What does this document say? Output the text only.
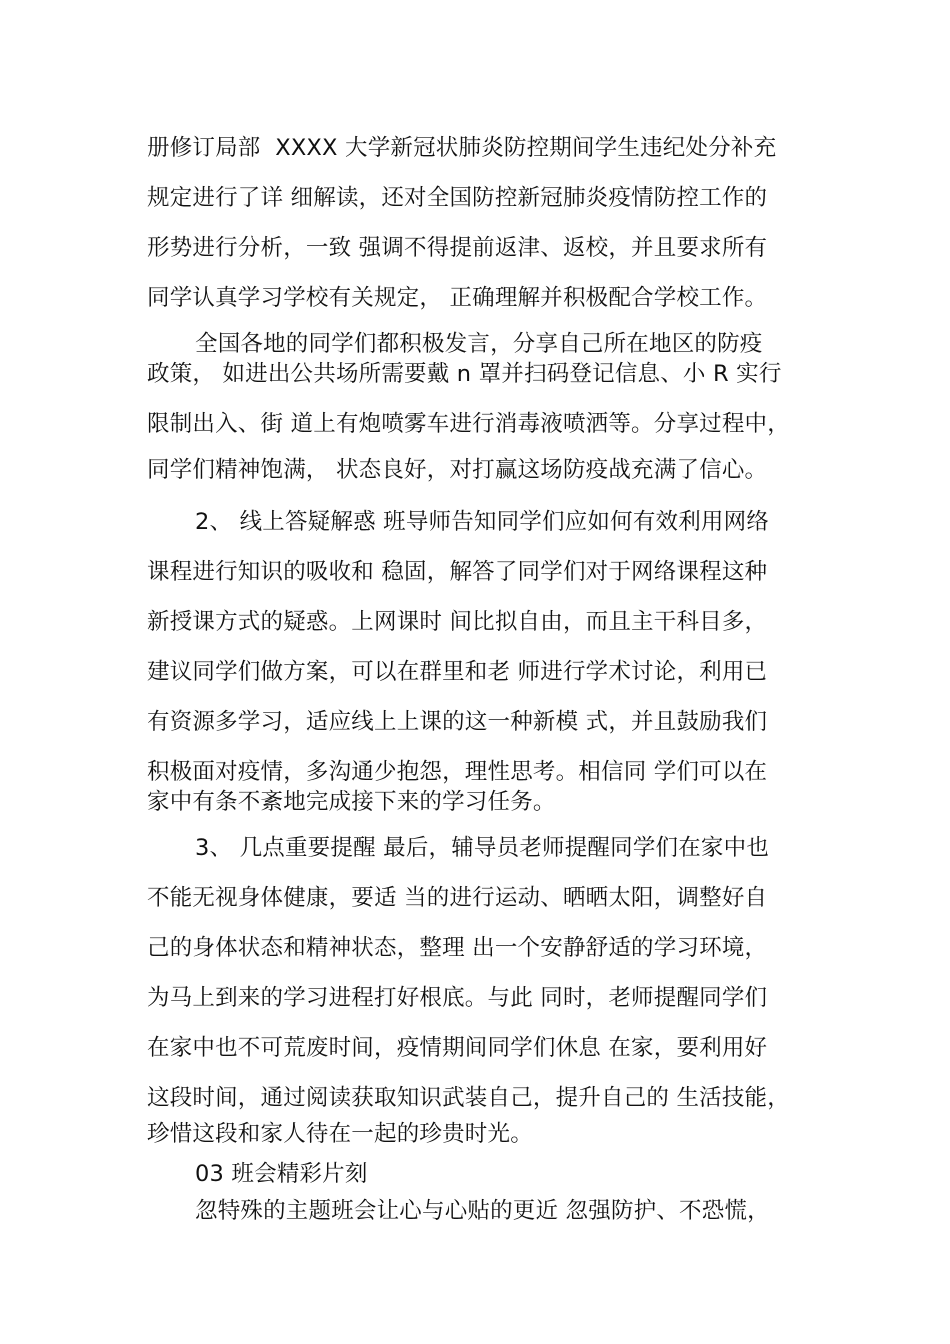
册修订局部  XXXX 大学新冠状肺炎防控期间学生违纪处分补充
规定进行了详 细解读，还对全国防控新冠肺炎疫情防控工作的
形势进行分析，一致 强调不得提前返津、返校，并且要求所有
同学认真学习学校有关规定， 正确理解并积极配合学校工作。
全国各地的同学们都积极发言，分享自己所在地区的防疫
政策， 如进出公共场所需要戴 n 罩并扫码登记信息、小 R 实行
限制出入、街 道上有炮喷雾车进行消毒液喷洒等。分享过程中，
同学们精神饱满， 状态良好，对打赢这场防疫战充满了信心。
2、 线上答疑解惑 班导师告知同学们应如何有效利用网络
课程进行知识的吸收和 稳固，解答了同学们对于网络课程这种
新授课方式的疑惑。上网课时 间比拟自由，而且主干科目多，
建议同学们做方案，可以在群里和老 师进行学术讨论，利用已
有资源多学习，适应线上上课的这一种新模 式，并且鼓励我们
积极面对疫情，多沟通少抱怨，理性思考。相信同 学们可以在
家中有条不紊地完成接下来的学习任务。
3、 几点重要提醒 最后，辅导员老师提醒同学们在家中也
不能无视身体健康，要适 当的进行运动、晒晒太阳，调整好自
己的身体状态和精神状态，整理 出一个安静舒适的学习环境，
为马上到来的学习进程打好根底。与此 同时，老师提醒同学们
在家中也不可荒废时间，疫情期间同学们休息 在家，要利用好
这段时间，通过阅读获取知识武装自己，提升自己的 生活技能，
珍惜这段和家人待在一起的珍贵时光。
03 班会精彩片刻
忽特殊的主题班会让心与心贴的更近 忽强防护、不恐慌，
